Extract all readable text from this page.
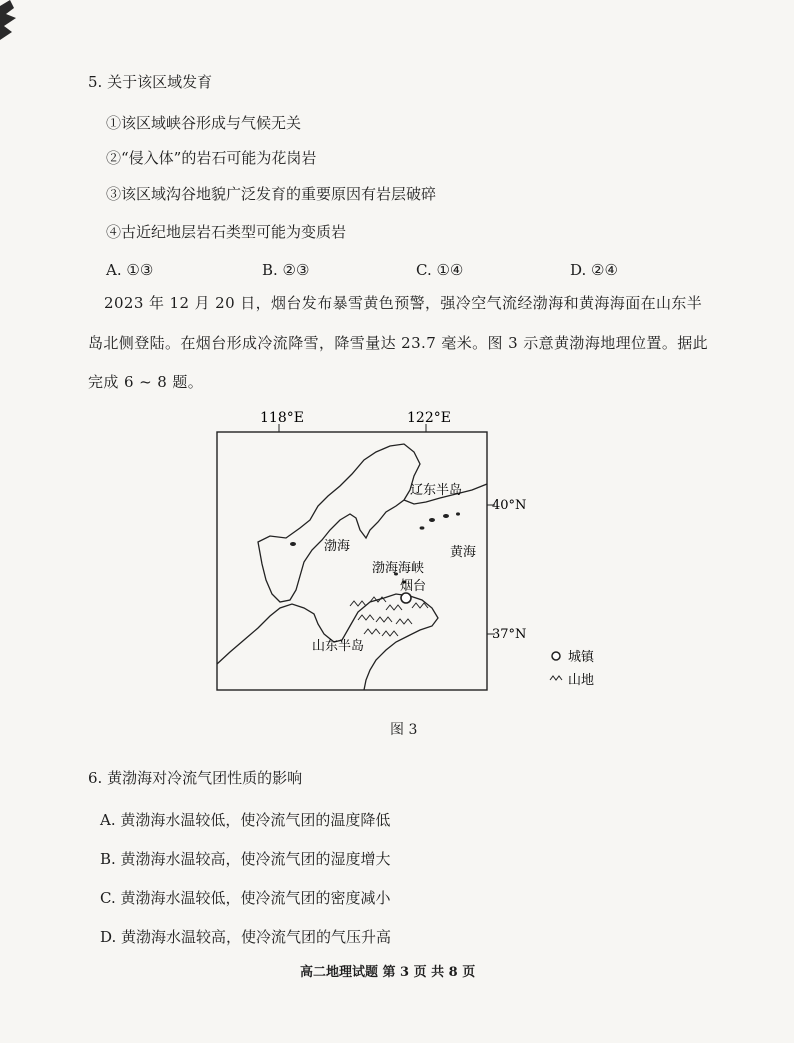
5. 关于该区域发育
①该区域峡谷形成与气候无关
②“侵入体”的岩石可能为花岗岩
③该区域沟谷地貌广泛发育的重要原因有岩层破碎
④古近纪地层岩石类型可能为变质岩
A. ①③	B. ②③	C. ①④	D. ②④
2023 年 12 月 20 日，烟台发布暴雪黄色预警，强冷空气流经渤海和黄海海面在山东半
岛北侧登陆。在烟台形成冷流降雪，降雪量达 23.7 毫米。图 3 示意黄渤海地理位置。据此
完成 6 ~ 8 题。
118°E	122°E
40°N
37°N
辽东半岛
渤海
渤海海峡
烟台
黄海
山东半岛
城镇
山地
图 3
6. 黄渤海对冷流气团性质的影响
A. 黄渤海水温较低，使冷流气团的温度降低
B. 黄渤海水温较高，使冷流气团的湿度增大
C. 黄渤海水温较低，使冷流气团的密度减小
D. 黄渤海水温较高，使冷流气团的气压升高
高二地理试题 第 3 页 共 8 页
